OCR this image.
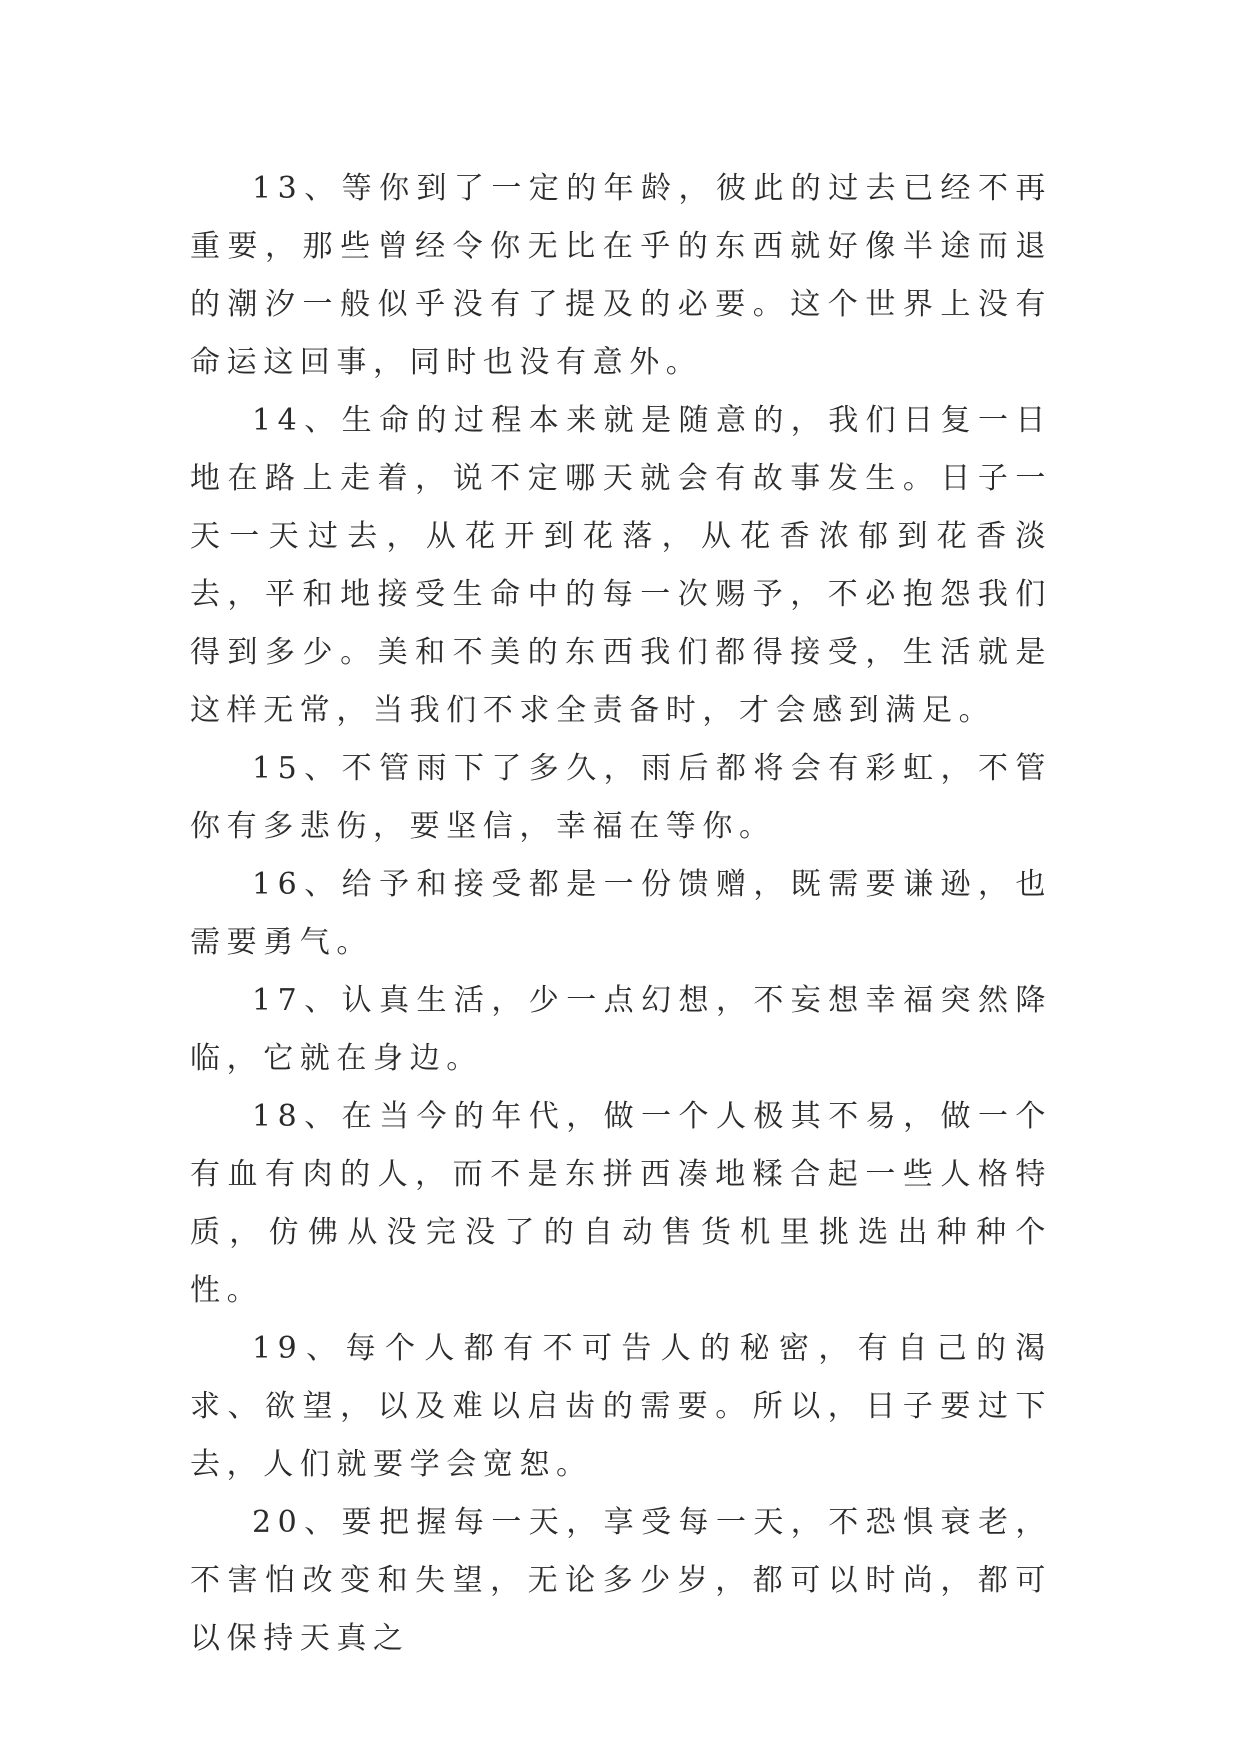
13、等你到了一定的年龄，彼此的过去已经不再重要，那些曾经令你无比在乎的东西就好像半途而退的潮汐一般似乎没有了提及的必要。这个世界上没有命运这回事，同时也没有意外。

14、生命的过程本来就是随意的，我们日复一日地在路上走着，说不定哪天就会有故事发生。日子一天一天过去，从花开到花落，从花香浓郁到花香淡去，平和地接受生命中的每一次赐予，不必抱怨我们得到多少。美和不美的东西我们都得接受，生活就是这样无常，当我们不求全责备时，才会感到满足。

15、不管雨下了多久，雨后都将会有彩虹，不管你有多悲伤，要坚信，幸福在等你。

16、给予和接受都是一份馈赠，既需要谦逊，也需要勇气。

17、认真生活，少一点幻想，不妄想幸福突然降临，它就在身边。

18、在当今的年代，做一个人极其不易，做一个有血有肉的人，而不是东拼西凑地糅合起一些人格特质，仿佛从没完没了的自动售货机里挑选出种种个性。

19、每个人都有不可告人的秘密，有自己的渴求、欲望，以及难以启齿的需要。所以，日子要过下去，人们就要学会宽恕。

20、要把握每一天，享受每一天，不恐惧衰老，不害怕改变和失望，无论多少岁，都可以时尚，都可以保持天真之
